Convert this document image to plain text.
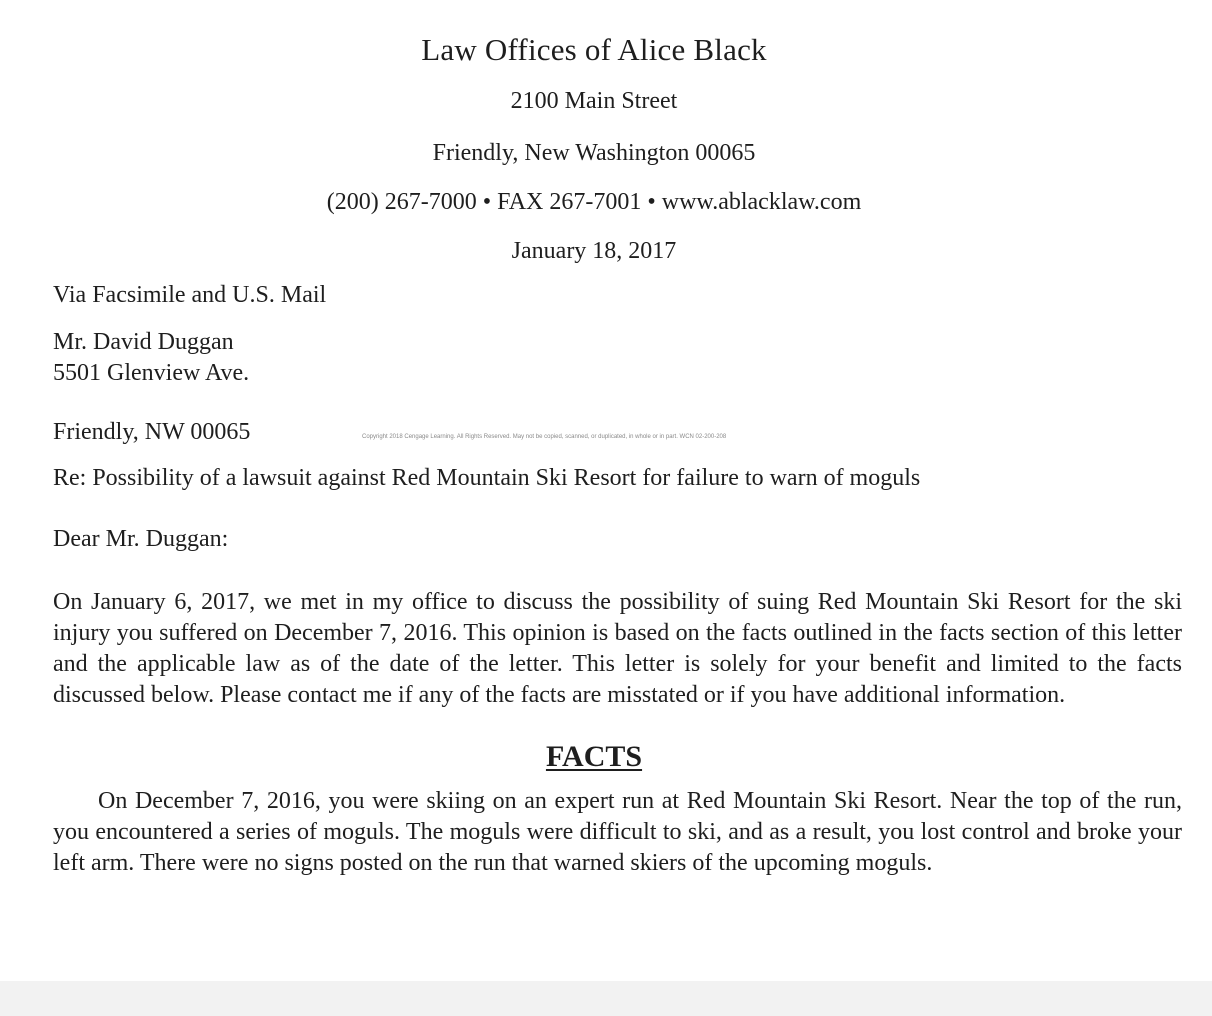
Law Offices of Alice Black
2100 Main Street
Friendly, New Washington 00065
(200) 267-7000 • FAX 267-7001 • www.ablacklaw.com
January 18, 2017
Via Facsimile and U.S. Mail
Mr. David Duggan
5501 Glenview Ave.
Friendly, NW 00065	Copyright 2018 Cengage Learning. All Rights Reserved. May not be copied, scanned, or duplicated, in whole or in part. WCN 02-200-208
Re: Possibility of a lawsuit against Red Mountain Ski Resort for failure to warn of moguls
Dear Mr. Duggan:

On January 6, 2017, we met in my office to discuss the possibility of suing Red Mountain Ski Resort for the ski injury you suffered on December 7, 2016. This opinion is based on the facts outlined in the facts section of this letter and the applicable law as of the date of the letter. This letter is solely for your benefit and limited to the facts discussed below. Please contact me if any of the facts are misstated or if you have additional information.

FACTS

On December 7, 2016, you were skiing on an expert run at Red Mountain Ski Resort. Near the top of the run, you encountered a series of moguls. The moguls were difficult to ski, and as a result, you lost control and broke your left arm. There were no signs posted on the run that warned skiers of the upcoming moguls.
